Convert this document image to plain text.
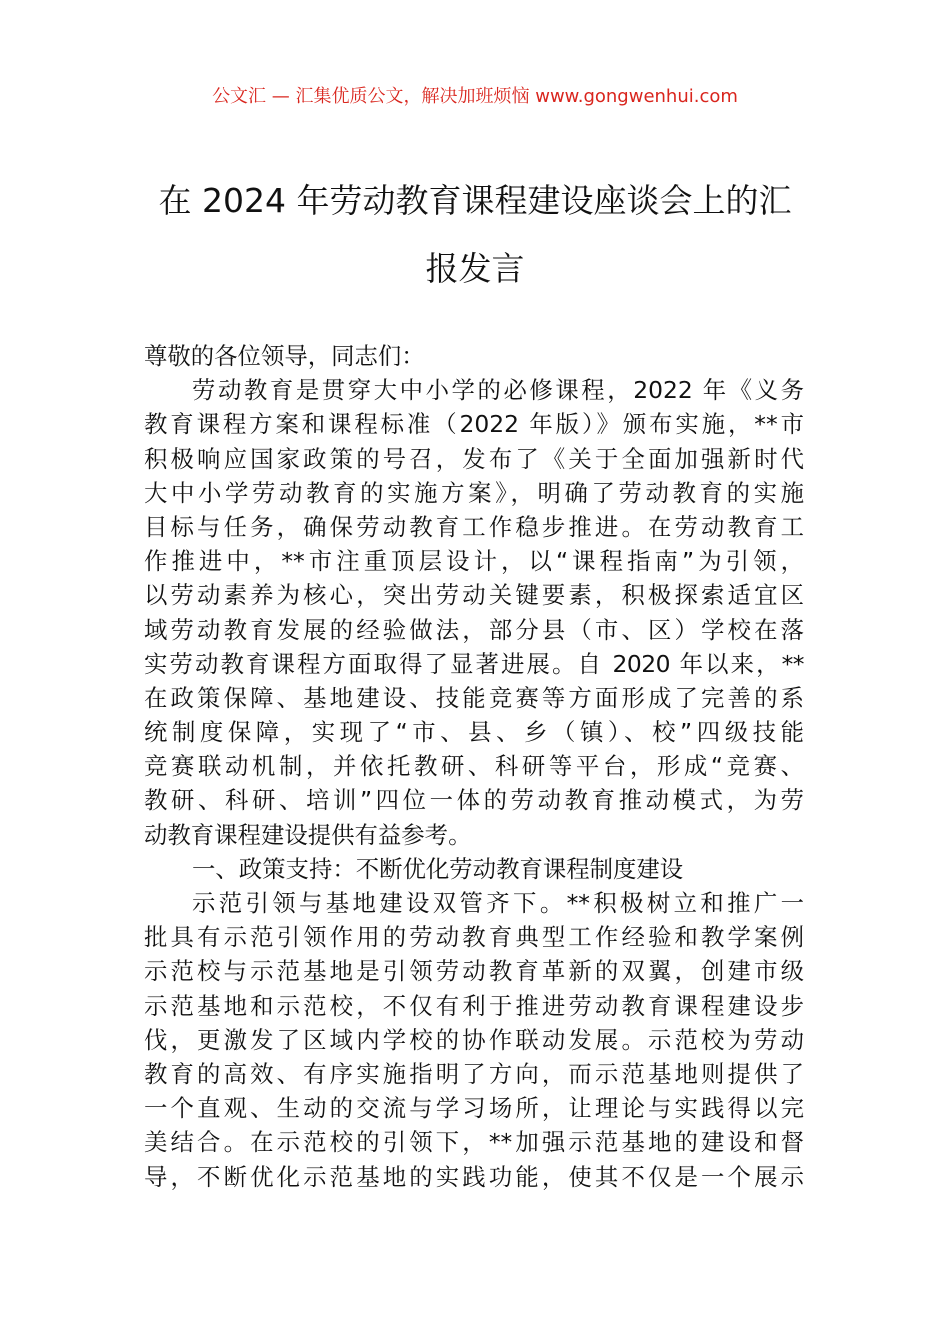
公文汇 — 汇集优质公文，解决加班烦恼 www.gongwenhui.com
在 2024 年劳动教育课程建设座谈会上的汇
报发言
尊敬的各位领导，同志们：
劳动教育是贯穿大中小学的必修课程，2022 年《义务
教育课程方案和课程标准（2022 年版）》颁布实施，**市
积极响应国家政策的号召，发布了《关于全面加强新时代
大中小学劳动教育的实施方案》，明确了劳动教育的实施
目标与任务，确保劳动教育工作稳步推进。在劳动教育工
作推进中，**市注重顶层设计，以“课程指南”为引领，
以劳动素养为核心，突出劳动关键要素，积极探索适宜区
域劳动教育发展的经验做法，部分县（市、区）学校在落
实劳动教育课程方面取得了显著进展。自 2020 年以来，**
在政策保障、基地建设、技能竞赛等方面形成了完善的系
统制度保障，实现了“市、县、乡（镇）、校”四级技能
竞赛联动机制，并依托教研、科研等平台，形成“竞赛、
教研、科研、培训”四位一体的劳动教育推动模式，为劳
动教育课程建设提供有益参考。
一、政策支持：不断优化劳动教育课程制度建设
示范引领与基地建设双管齐下。**积极树立和推广一
批具有示范引领作用的劳动教育典型工作经验和教学案例
示范校与示范基地是引领劳动教育革新的双翼，创建市级
示范基地和示范校，不仅有利于推进劳动教育课程建设步
伐，更激发了区域内学校的协作联动发展。示范校为劳动
教育的高效、有序实施指明了方向，而示范基地则提供了
一个直观、生动的交流与学习场所，让理论与实践得以完
美结合。在示范校的引领下，**加强示范基地的建设和督
导，不断优化示范基地的实践功能，使其不仅是一个展示
